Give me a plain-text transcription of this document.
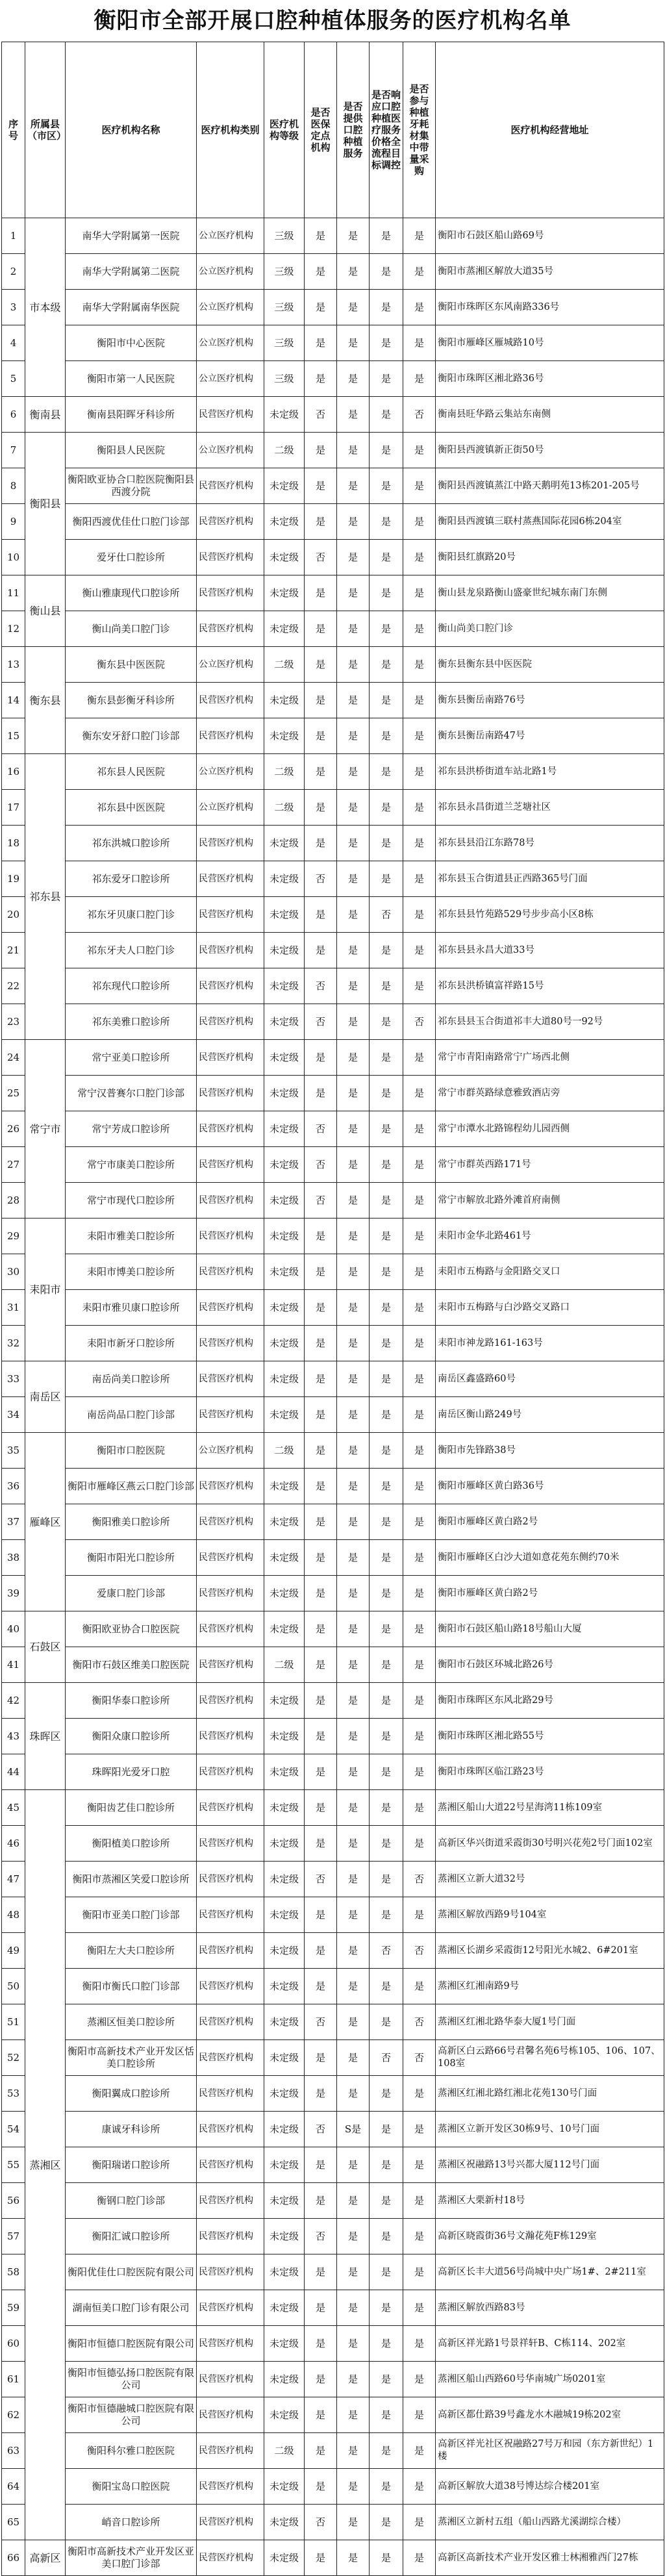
衡阳市全部开展口腔种植体服务的医疗机构名单
序号	所属县（市区）	医疗机构名称	医疗机构类别	医疗机构等级	是否医保定点机构	是否提供口腔种植服务	是否响应口腔种植医疗服务价格全流程目标调控	是否参与种植牙耗材集中带量采购	医疗机构经营地址
1	市本级	南华大学附属第一医院	公立医疗机构	三级	是	是	是	是	衡阳市石鼓区船山路69号
2		南华大学附属第二医院	公立医疗机构	三级	是	是	是	是	衡阳市蒸湘区解放大道35号
3		南华大学附属南华医院	公立医疗机构	三级	是	是	是	是	衡阳市珠晖区东风南路336号
4		衡阳市中心医院	公立医疗机构	三级	是	是	是	是	衡阳市雁峰区雁城路10号
5		衡阳市第一人民医院	公立医疗机构	三级	是	是	是	是	衡阳市珠晖区湘北路36号
6	衡南县	衡南县阳晖牙科诊所	民营医疗机构	未定级	否	是	是	否	衡南县旺华路云集站东南侧
7	衡阳县	衡阳县人民医院	公立医疗机构	二级	是	是	是	是	衡阳县西渡镇新正街50号
8		衡阳欧亚协合口腔医院衡阳县西渡分院	民营医疗机构	未定级	是	是	是	是	衡阳县西渡镇蒸江中路天鹅明苑13栋201-205号
9		衡阳西渡优佳仕口腔门诊部	民营医疗机构	未定级	是	是	是	是	衡阳县西渡镇三联村蒸燕国际花园6栋204室
10		爱牙仕口腔诊所	民营医疗机构	未定级	否	是	是	是	衡阳县红旗路20号
11	衡山县	衡山雅康现代口腔诊所	民营医疗机构	未定级	是	是	是	是	衡山县龙泉路衡山盛豪世纪城东南门东侧
12		衡山尚美口腔门诊	民营医疗机构	未定级	是	是	是	是	衡山尚美口腔门诊
13	衡东县	衡东县中医医院	公立医疗机构	二级	是	是	是	是	衡东县衡东县中医医院
14		衡东县彭衡牙科诊所	民营医疗机构	未定级	是	是	是	是	衡东县衡岳南路76号
15		衡东安牙舒口腔门诊部	民营医疗机构	未定级	是	是	是	是	衡东县衡岳南路47号
16	祁东县	祁东县人民医院	公立医疗机构	二级	是	是	是	是	祁东县洪桥街道车站北路1号
17		祁东县中医医院	公立医疗机构	二级	是	是	是	是	祁东县永昌街道兰芝塘社区
18		祁东洪城口腔诊所	民营医疗机构	未定级	是	是	是	是	祁东县县沿江东路78号
19		祁东爱牙口腔诊所	民营医疗机构	未定级	否	是	是	是	祁东县玉合街道县正西路365号门面
20		祁东牙贝康口腔门诊	民营医疗机构	未定级	是	是	否	是	祁东县县竹苑路529号步步高小区8栋
21		祁东牙夫人口腔门诊	民营医疗机构	未定级	是	是	是	是	祁东县县永昌大道33号
22		祁东现代口腔诊所	民营医疗机构	未定级	否	是	是	是	祁东县洪桥镇富祥路15号
23		祁东美雅口腔诊所	民营医疗机构	未定级	否	是	是	否	祁东县县玉合街道祁丰大道80号一92号
24	常宁市	常宁亚美口腔诊所	民营医疗机构	未定级	是	是	是	是	常宁市青阳南路常宁广场西北侧
25		常宁汉普赛尔口腔门诊部	民营医疗机构	未定级	是	是	是	是	常宁市群英路绿意雅致酒店旁
26		常宁芳成口腔诊所	民营医疗机构	未定级	否	是	是	是	常宁市潭水北路锦程幼儿园西侧
27		常宁市康美口腔诊所	民营医疗机构	未定级	否	是	是	是	常宁市群英西路171号
28		常宁市现代口腔诊所	民营医疗机构	未定级	否	是	是	是	常宁市解放北路外滩首府南侧
29	耒阳市	耒阳市雅美口腔诊所	民营医疗机构	未定级	是	是	是	是	耒阳市金华北路461号
30		耒阳市博美口腔诊所	民营医疗机构	未定级	是	是	是	是	耒阳市五梅路与金阳路交叉口
31		耒阳市雅贝康口腔诊所	民营医疗机构	未定级	是	是	是	是	耒阳市五梅路与白沙路交叉路口
32		耒阳市新牙口腔诊所	民营医疗机构	未定级	是	是	是	是	耒阳市神龙路161-163号
33	南岳区	南岳尚美口腔诊所	民营医疗机构	未定级	是	是	是	是	南岳区鑫盛路60号
34		南岳尚品口腔门诊部	民营医疗机构	未定级	是	是	是	是	南岳区衡山路249号
35	雁峰区	衡阳市口腔医院	公立医疗机构	二级	是	是	是	是	衡阳市先锋路38号
36		衡阳市雁峰区燕云口腔门诊部	民营医疗机构	未定级	是	是	是	是	衡阳市雁峰区黄白路36号
37		衡阳雅美口腔诊所	民营医疗机构	未定级	是	是	是	是	衡阳市雁峰区黄白路2号
38		衡阳市阳光口腔诊所	民营医疗机构	未定级	是	是	是	是	衡阳市雁峰区白沙大道如意花苑东侧约70米
39		爱康口腔门诊部	民营医疗机构	未定级	是	是	是	是	衡阳市雁峰区黄白路2号
40	石鼓区	衡阳欧亚协合口腔医院	民营医疗机构	未定级	是	是	是	是	衡阳市石鼓区船山路18号船山大厦
41		衡阳市石鼓区维美口腔医院	民营医疗机构	二级	是	是	是	是	衡阳市石鼓区环城北路26号
42	珠晖区	衡阳华泰口腔诊所	民营医疗机构	未定级	是	是	是	是	衡阳市珠晖区东风北路29号
43		衡阳众康口腔诊所	民营医疗机构	未定级	是	是	是	是	衡阳市珠晖区湘北路55号
44		珠晖阳光爱牙口腔	民营医疗机构	未定级	是	是	是	是	衡阳市珠晖区临江路23号
45	蒸湘区	衡阳齿艺佳口腔诊所	民营医疗机构	未定级	是	是	是	是	蒸湘区船山大道22号星海湾11栋109室
46		衡阳植美口腔诊所	民营医疗机构	未定级	是	是	是	是	高新区华兴街道采霞街30号明兴花苑2号门面102室
47		衡阳市蒸湘区笑爱口腔诊所	民营医疗机构	未定级	否	是	是	否	蒸湘区立新大道32号
48		衡阳市亚美口腔门诊部	民营医疗机构	未定级	是	是	是	是	蒸湘区解放西路9号104室
49		衡阳左大夫口腔诊所	民营医疗机构	未定级	是	是	否	否	蒸湘区长湖乡采霞街12号阳光水城2、6#201室
50		衡阳市衡氏口腔门诊部	民营医疗机构	未定级	是	是	是	是	蒸湘区红湘南路9号
51		蒸湘区恒美口腔诊所	民营医疗机构	未定级	否	是	是	否	蒸湘区红湘北路华泰大厦1号门面
52		衡阳市高新技术产业开发区恬美口腔诊所	民营医疗机构	未定级	是	是	否	否	高新区白云路66号君馨名苑6号栋105、106、107、108室
53		衡阳翼成口腔诊所	民营医疗机构	未定级	是	是	是	是	蒸湘区红湘北路红湘北花苑130号门面
54		康诚牙科诊所	民营医疗机构	未定级	否	S是	是	是	蒸湘区立新开发区30栋9号、10号门面
55		衡阳瑞诺口腔诊所	民营医疗机构	未定级	是	是	是	是	蒸湘区祝融路13号兴都大厦112号门面
56		衡钢口腔门诊部	民营医疗机构	未定级	是	是	是	是	蒸湘区大栗新村18号
57		衡阳汇诚口腔诊所	民营医疗机构	未定级	否	是	是	是	高新区晓霞街36号文瀚花苑F栋129室
58		衡阳优佳仕口腔医院有限公司	民营医疗机构	未定级	是	是	是	是	高新区长丰大道56号尚城中央广场1#、2#211室
59		湖南恒美口腔门诊有限公司	民营医疗机构	未定级	是	是	是	是	蒸湘区解放西路83号
60		衡阳市恒德口腔医院有限公司	民营医疗机构	未定级	是	是	是	是	高新区祥光路1号景祥轩B、C栋114、202室
61		衡阳市恒德弘扬口腔医院有限公司	民营医疗机构	未定级	是	是	是	是	蒸湘区船山西路60号华南城广场0201室
62		衡阳市恒德融城口腔医院有限公司	民营医疗机构	未定级	是	是	是	是	高新区都仕路39号鑫龙水木融城19栋202室
63		衡阳科尔雅口腔医院	民营医疗机构	二级	是	是	是	是	高新区祥光社区祝融路27号万和园（东方新世纪）1楼
64		衡阳宝岛口腔医院	民营医疗机构	未定级	是	是	是	是	高新区解放大道38号博达综合楼201室
65		峭音口腔诊所	民营医疗机构	未定级	否	是	是	是	蒸湘区立新村五组（船山西路尤溪湖综合楼）
66	高新区	衡阳市高新技术产业开发区亚美口腔门诊部	民营医疗机构	未定级	是	是	是	是	高新区高新技术产业开发区雅士林湘雅西门27栋
